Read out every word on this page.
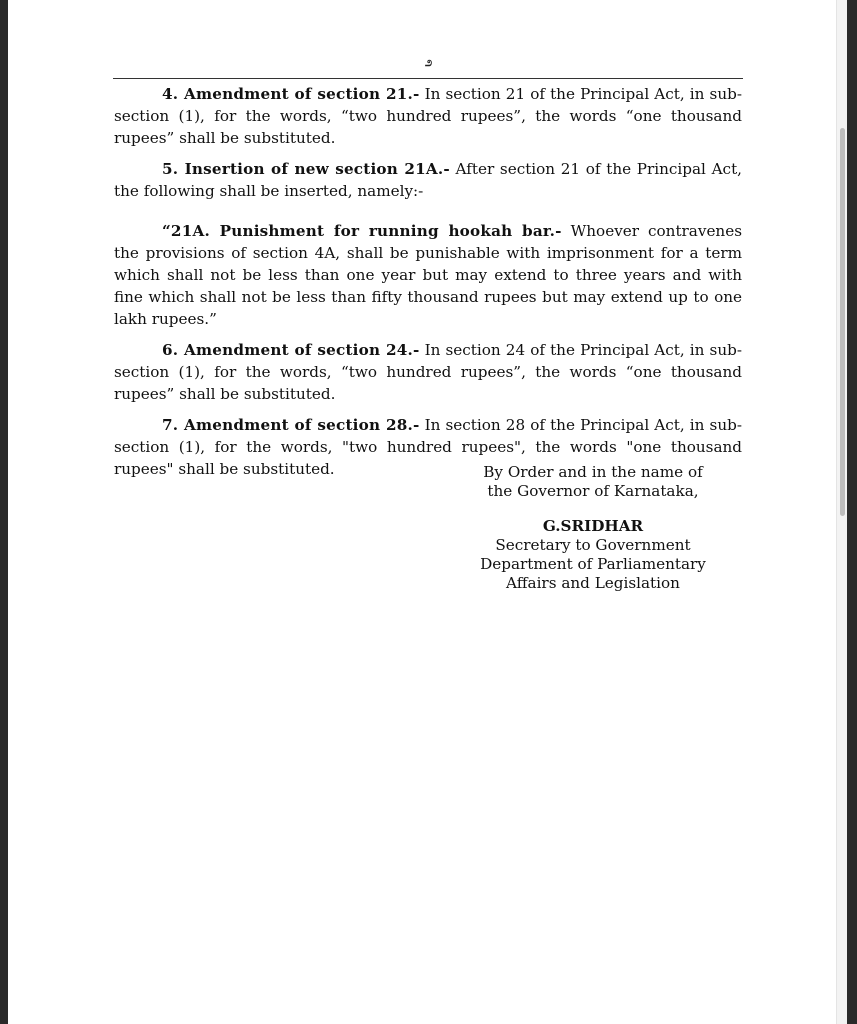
೨

4. Amendment of section 21.- In section 21 of the Principal Act, in sub-section (1), for the words, “two hundred rupees”, the words “one thousand rupees” shall be substituted.

5. Insertion of new section 21A.- After section 21 of the Principal Act, the following shall be inserted, namely:-

“21A. Punishment for running hookah bar.- Whoever contravenes the provisions of section 4A, shall be punishable with imprisonment for a term which shall not be less than one year but may extend to three years and with fine which shall not be less than fifty thousand rupees but may extend up to one lakh rupees.”

6. Amendment of section 24.- In section 24 of the Principal Act, in sub-section (1), for the words, “two hundred rupees”, the words “one thousand rupees” shall be substituted.

7. Amendment of section 28.- In section 28 of the Principal Act, in sub-section (1), for the words, "two hundred rupees", the words "one thousand rupees" shall be substituted.	By Order and in the name of
the Governor of Karnataka,
G.SRIDHAR
Secretary to Government
Department of Parliamentary
Affairs and Legislation
